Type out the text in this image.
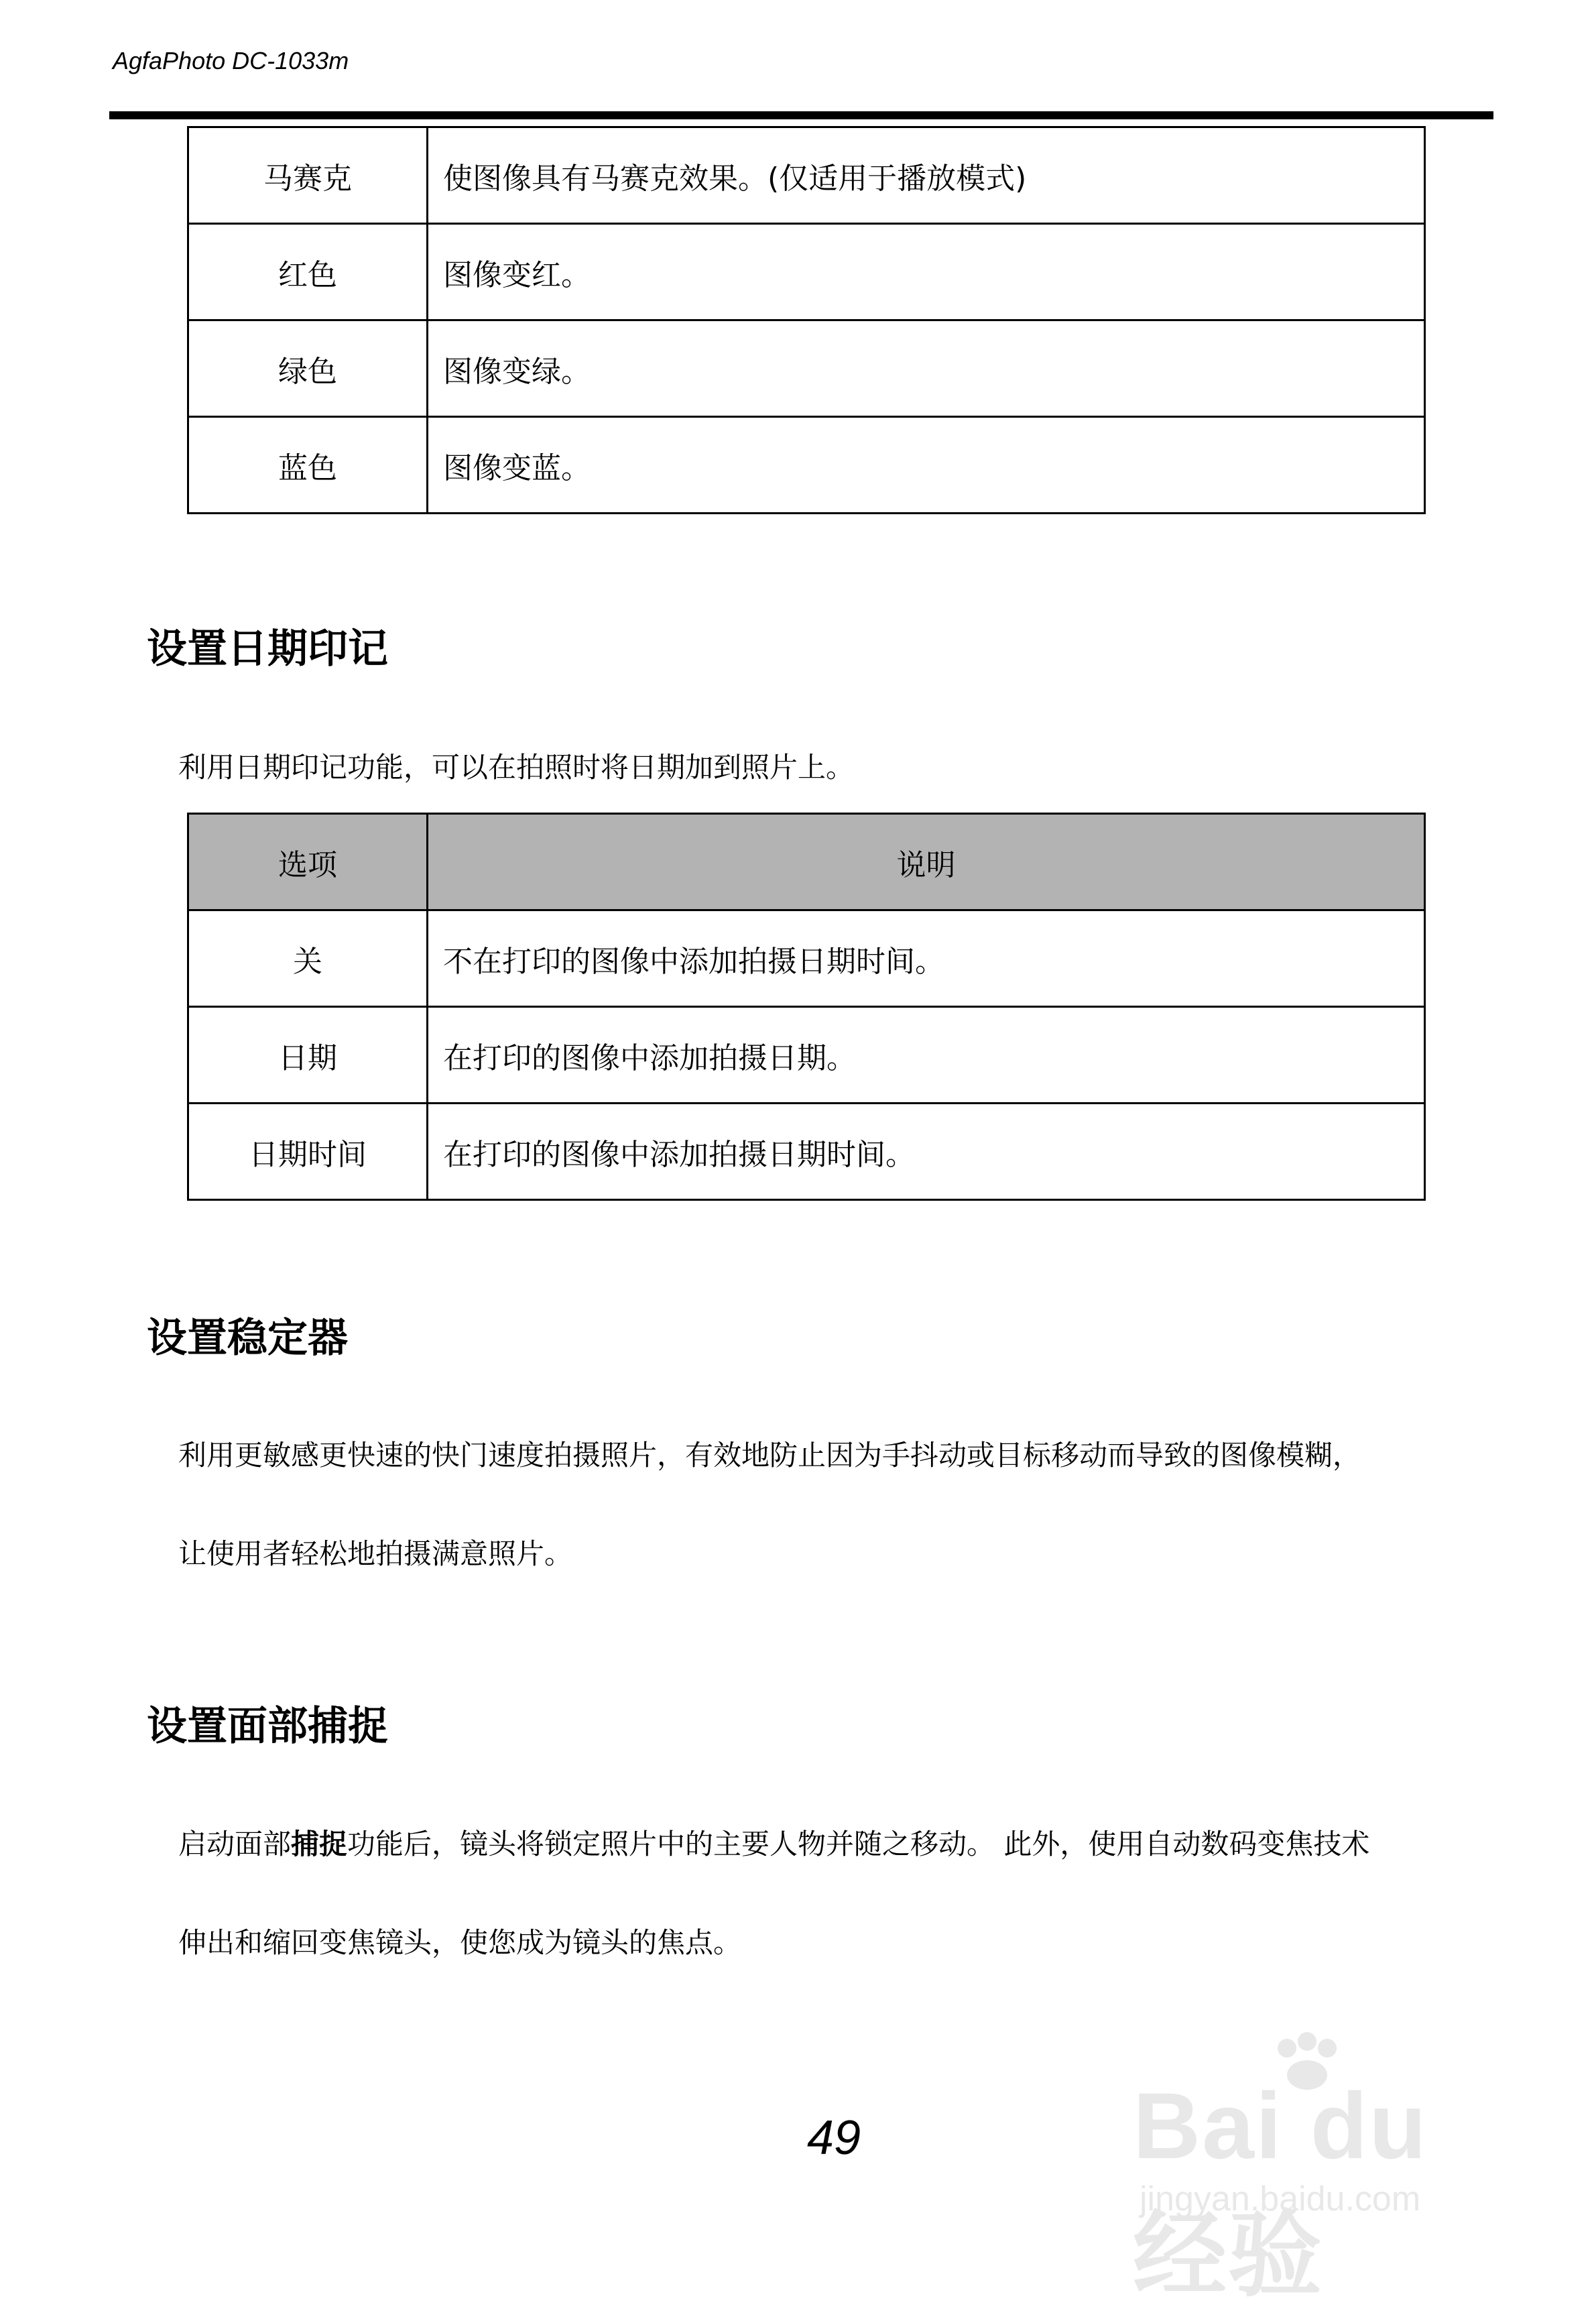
AgfaPhoto DC-1033m
马赛克	使图像具有马赛克效果。(仅适用于播放模式)
红色	图像变红。
绿色	图像变绿。
蓝色	图像变蓝。
设置日期印记
利用日期印记功能，可以在拍照时将日期加到照片上。
选项	说明
关	不在打印的图像中添加拍摄日期时间。
日期	在打印的图像中添加拍摄日期。
日期时间	在打印的图像中添加拍摄日期时间。
设置稳定器
利用更敏感更快速的快门速度拍摄照片，有效地防止因为手抖动或目标移动而导致的图像模糊，
让使用者轻松地拍摄满意照片。
设置面部捕捉
启动面部捕捉功能后，镜头将锁定照片中的主要人物并随之移动。 此外，使用自动数码变焦技术
伸出和缩回变焦镜头，使您成为镜头的焦点。
49	Bai du 经验
jingyan.baidu.com
